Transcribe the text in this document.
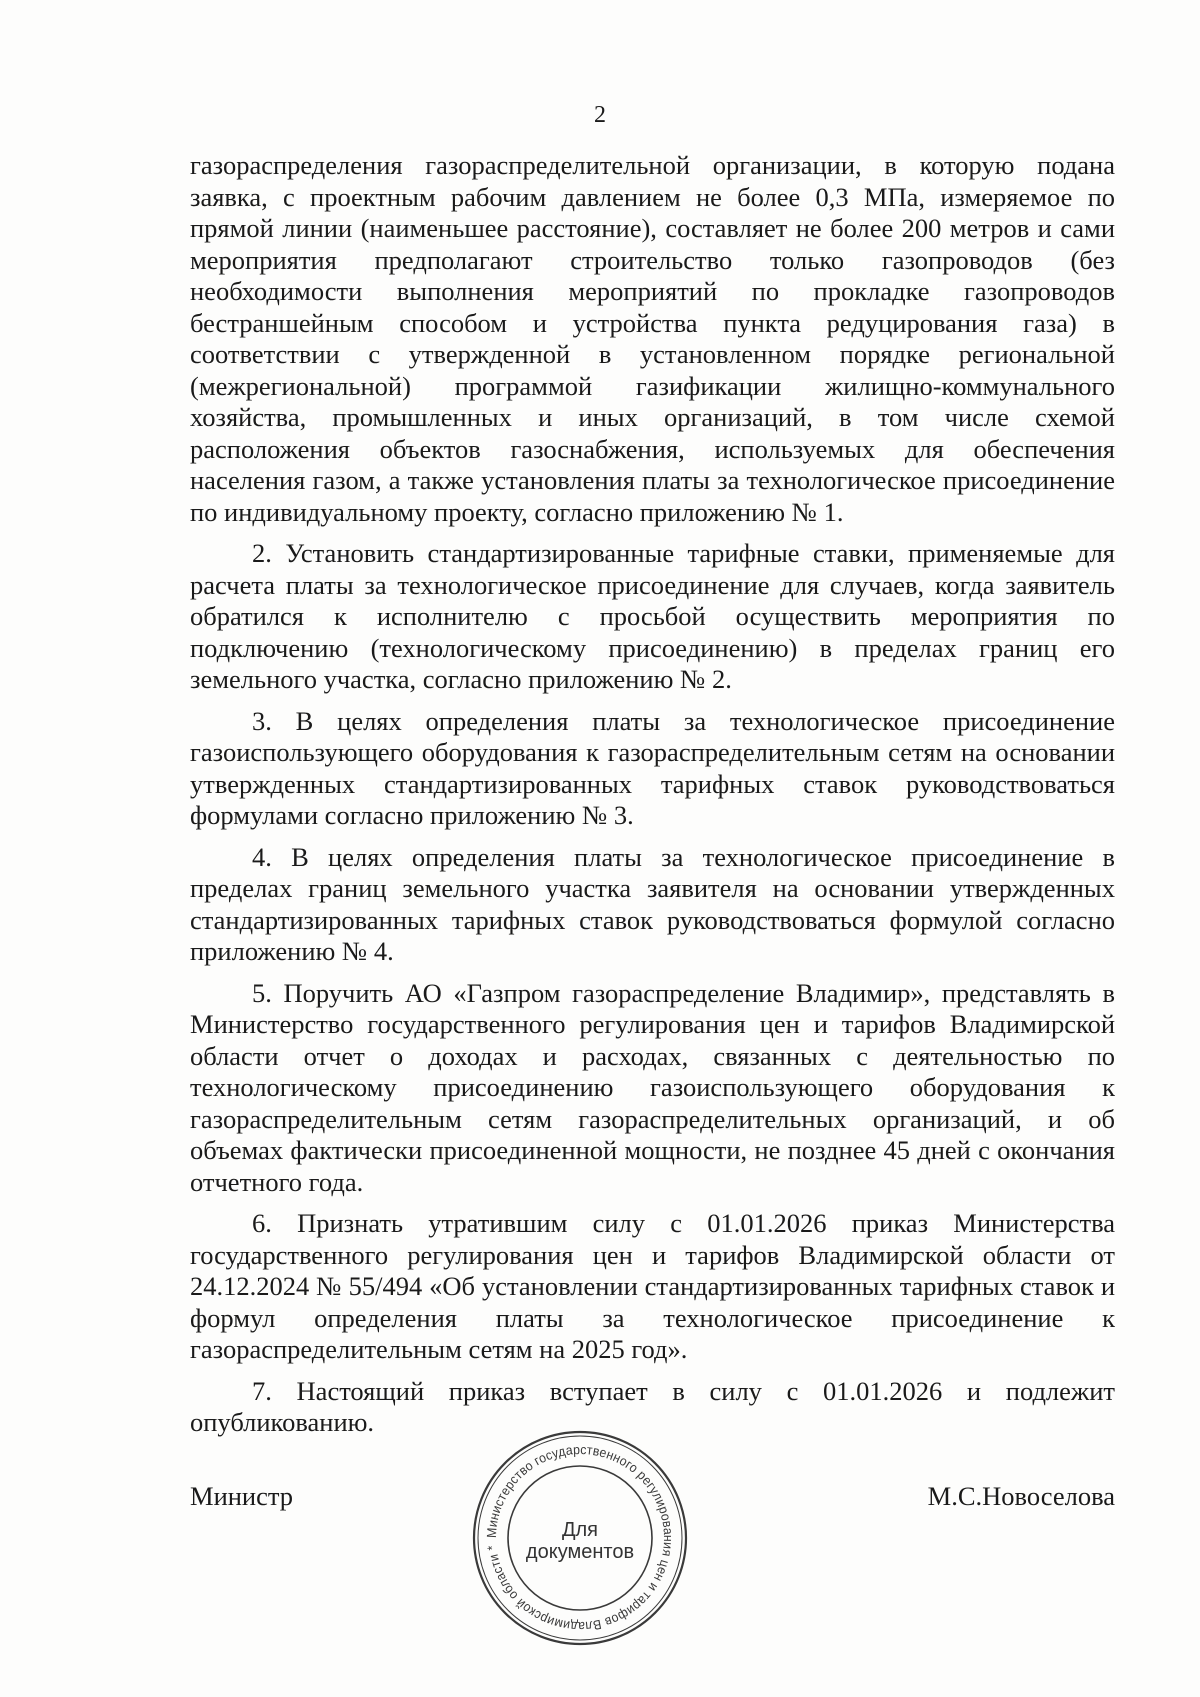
2

газораспределения газораспределительной организации, в которую подана заявка, с проектным рабочим давлением не более 0,3 МПа, измеряемое по прямой линии (наименьшее расстояние), составляет не более 200 метров и сами мероприятия предполагают строительство только газопроводов (без необходимости выполнения мероприятий по прокладке газопроводов бестраншейным способом и устройства пункта редуцирования газа) в соответствии с утвержденной в установленном порядке региональной (межрегиональной) программой газификации жилищно-коммунального хозяйства, промышленных и иных организаций, в том числе схемой расположения объектов газоснабжения, используемых для обеспечения населения газом, а также установления платы за технологическое присоединение по индивидуальному проекту, согласно приложению № 1.

2. Установить стандартизированные тарифные ставки, применяемые для расчета платы за технологическое присоединение для случаев, когда заявитель обратился к исполнителю с просьбой осуществить мероприятия по подключению (технологическому присоединению) в пределах границ его земельного участка, согласно приложению № 2.

3. В целях определения платы за технологическое присоединение газоиспользующего оборудования к газораспределительным сетям на основании утвержденных стандартизированных тарифных ставок руководствоваться формулами согласно приложению № 3.

4. В целях определения платы за технологическое присоединение в пределах границ земельного участка заявителя на основании утвержденных стандартизированных тарифных ставок руководствоваться формулой согласно приложению № 4.

5. Поручить АО «Газпром газораспределение Владимир», представлять в Министерство государственного регулирования цен и тарифов Владимирской области отчет о доходах и расходах, связанных с деятельностью по технологическому присоединению газоиспользующего оборудования к газораспределительным сетям газораспределительных организаций, и об объемах фактически присоединенной мощности, не позднее 45 дней с окончания отчетного года.

6. Признать утратившим силу с 01.01.2026 приказ Министерства государственного регулирования цен и тарифов Владимирской области от 24.12.2024 № 55/494 «Об установлении стандартизированных тарифных ставок и формул определения платы за технологическое присоединение к газораспределительным сетям на 2025 год».

7. Настоящий приказ вступает в силу с 01.01.2026 и подлежит опубликованию.

Министр	М.С.Новоселова
Министерство государственного регулирования цен и тарифов Владимирской области *
Для
документов
